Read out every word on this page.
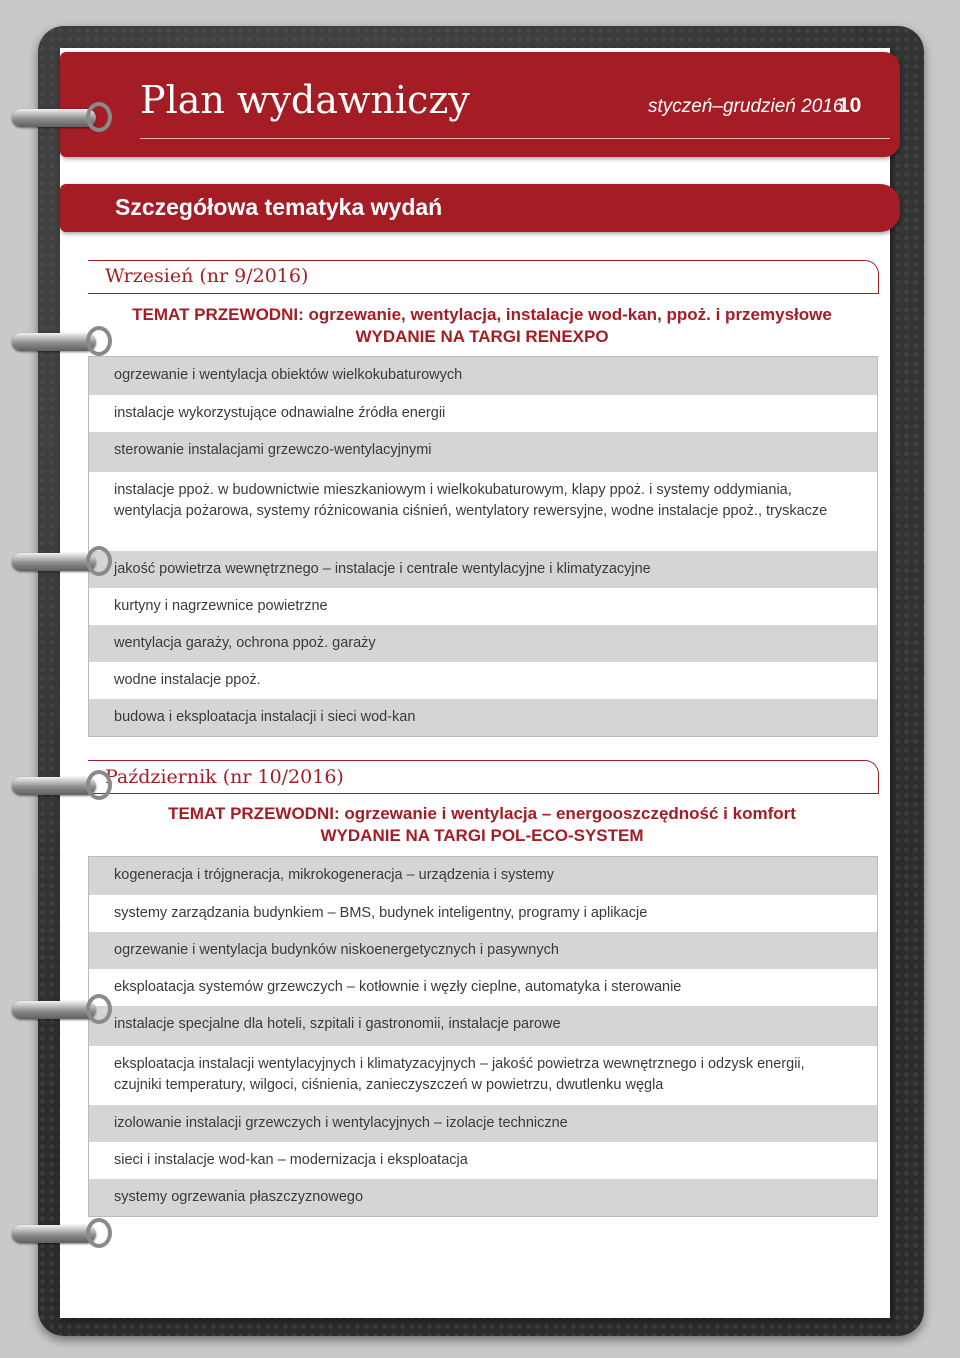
Plan wydawniczy	styczeń–grudzień 2016
10
Szczegółowa tematyka wydań
Wrzesień (nr 9/2016)
TEMAT PRZEWODNI: ogrzewanie, wentylacja, instalacje wod-kan, ppoż. i przemysłowe
WYDANIE NA TARGI RENEXPO
ogrzewanie i wentylacja obiektów wielkokubaturowych
instalacje wykorzystujące odnawialne źródła energii
sterowanie instalacjami grzewczo-wentylacyjnymi
instalacje ppoż. w budownictwie mieszkaniowym i wielkokubaturowym, klapy ppoż. i systemy oddymiania, wentylacja pożarowa, systemy różnicowania ciśnień, wentylatory rewersyjne, wodne instalacje ppoż., tryskacze
jakość powietrza wewnętrznego – instalacje i centrale wentylacyjne i klimatyzacyjne
kurtyny i nagrzewnice powietrzne
wentylacja garaży, ochrona ppoż. garaży
wodne instalacje ppoż.
budowa i eksploatacja instalacji i sieci wod-kan
Październik (nr 10/2016)
TEMAT PRZEWODNI: ogrzewanie i wentylacja – energooszczędność i komfort
WYDANIE NA TARGI POL-ECO-SYSTEM
kogeneracja i trójgneracja, mikrokogeneracja – urządzenia i systemy
systemy zarządzania budynkiem – BMS, budynek inteligentny, programy i aplikacje
ogrzewanie i wentylacja budynków niskoenergetycznych i pasywnych
eksploatacja systemów grzewczych – kotłownie i węzły cieplne, automatyka i sterowanie
instalacje specjalne dla hoteli, szpitali i gastronomii, instalacje parowe
eksploatacja instalacji wentylacyjnych i klimatyzacyjnych – jakość powietrza wewnętrznego i odzysk energii, czujniki temperatury, wilgoci, ciśnienia, zanieczyszczeń w powietrzu, dwutlenku węgla
izolowanie instalacji grzewczych i wentylacyjnych – izolacje techniczne
sieci i instalacje wod-kan – modernizacja i eksploatacja
systemy ogrzewania płaszczyznowego
